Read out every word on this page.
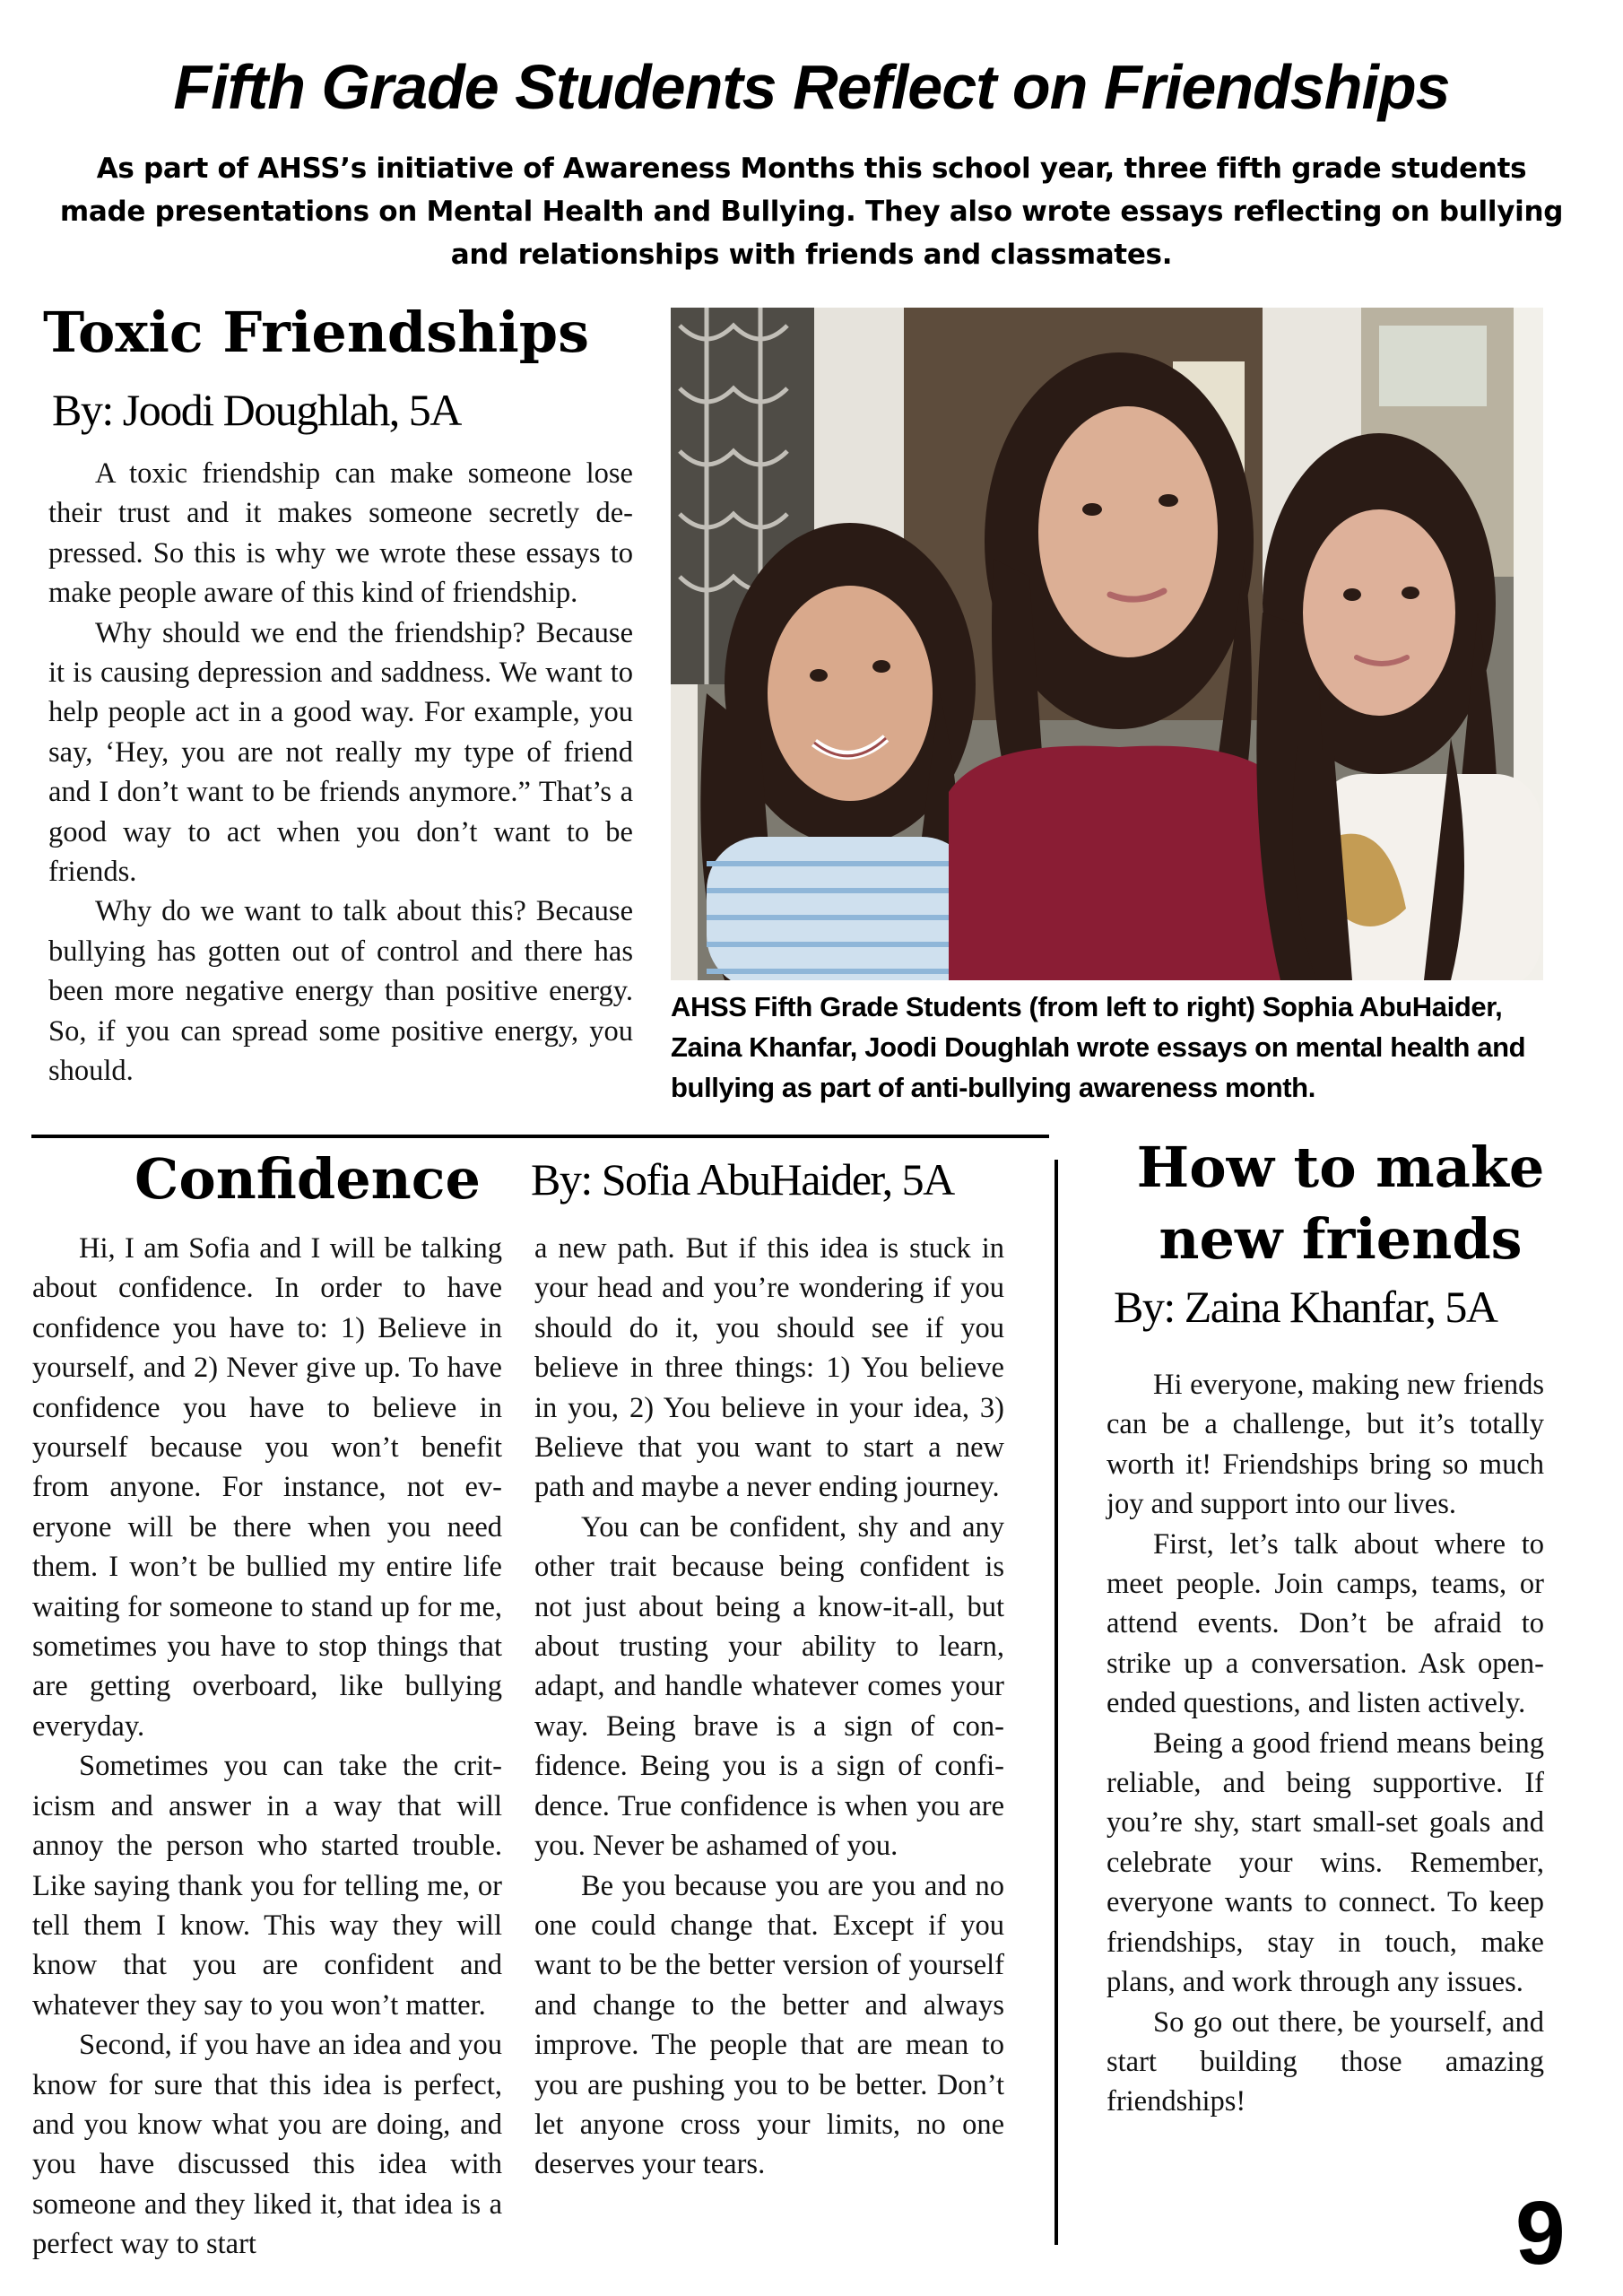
Fifth Grade Students Reflect on Friendships
As part of AHSS’s initiative of Awareness Months this school year, three fifth grade students made presentations on Mental Health and Bullying. They also wrote essays reflecting on bullying and relationships with friends and classmates.
Toxic Friendships
By: Joodi Doughlah, 5A

A toxic friendship can make someone lose their trust and it makes someone secretly depressed. So this is why we wrote these essays to make people aware of this kind of friendship.

Why should we end the friendship? Because it is causing depression and saddness. We want to help people act in a good way. For example, you say, ‘Hey, you are not really my type of friend and I don’t want to be friends anymore.” That’s a good way to act when you don’t want to be friends.

Why do we want to talk about this? Because bullying has gotten out of control and there has been more negative energy than positive energy. So, if you can spread some positive energy, you should.

AHSS Fifth Grade Students (from left to right) Sophia AbuHaider, Zaina Khanfar, Joodi Doughlah wrote essays on mental health and bullying as part of anti-bullying awareness month.
Confidence By: Sofia AbuHaider, 5A

Hi, I am Sofia and I will be talking about confidence. In order to have confidence you have to: 1) Believe in yourself, and 2) Never give up. To have confidence you have to believe in yourself because you won’t benefit from anyone. For instance, not everyone will be there when you need them. I won’t be bullied my entire life waiting for someone to stand up for me, sometimes you have to stop things that are getting overboard, like bullying everyday.

Sometimes you can take the criticism and answer in a way that will annoy the person who started trouble. Like saying thank you for telling me, or tell them I know. This way they will know that you are confident and whatever they say to you won’t matter.

Second, if you have an idea and you know for sure that this idea is perfect, and you know what you are doing, and you have discussed this idea with someone and they liked it, that idea is a perfect way to start

a new path. But if this idea is stuck in your head and you’re wondering if you should do it, you should see if you believe in three things: 1) You believe in you, 2) You believe in your idea, 3) Believe that you want to start a new path and maybe a never ending journey.

You can be confident, shy and any other trait because being confident is not just about being a know-it-all, but about trusting your ability to learn, adapt, and handle whatever comes your way. Being brave is a sign of confidence. Being you is a sign of confidence. True confidence is when you are you. Never be ashamed of you.

Be you because you are you and no one could change that. Except if you want to be the better version of yourself and change to the better and always improve. The people that are mean to you are pushing you to be better. Don’t let anyone cross your limits, no one deserves your tears.

How to make new friends
By: Zaina Khanfar, 5A

Hi everyone, making new friends can be a challenge, but it’s totally worth it! Friendships bring so much joy and support into our lives.

First, let’s talk about where to meet people. Join camps, teams, or attend events. Don’t be afraid to strike up a conversation. Ask open-ended questions, and listen actively.

Being a good friend means being reliable, and being supportive. If you’re shy, start small-set goals and celebrate your wins. Remember, everyone wants to connect. To keep friendships, stay in touch, make plans, and work through any issues.

So go out there, be yourself, and start building those amazing friendships!

9
